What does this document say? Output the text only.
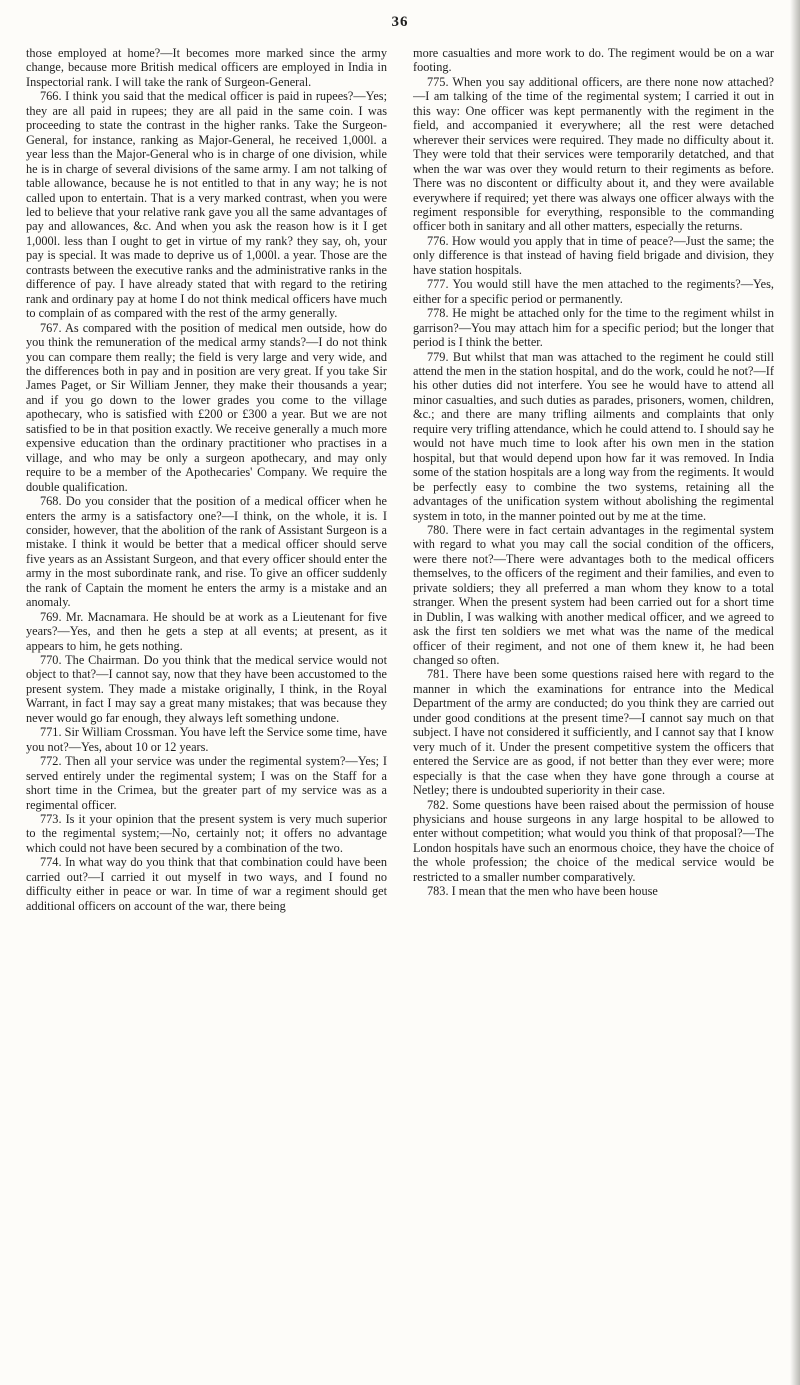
36

those employed at home?—It becomes more marked since the army change, because more British medical officers are employed in India in Inspectorial rank. I will take the rank of Surgeon-General.

766. I think you said that the medical officer is paid in rupees?—Yes; they are all paid in rupees; they are all paid in the same coin. I was proceeding to state the contrast in the higher ranks. Take the Surgeon-General, for instance, ranking as Major-General, he received 1,000l. a year less than the Major-General who is in charge of one division, while he is in charge of several divisions of the same army. I am not talking of table allowance, because he is not entitled to that in any way; he is not called upon to entertain. That is a very marked contrast, when you were led to believe that your relative rank gave you all the same advantages of pay and allowances, &c. And when you ask the reason how is it I get 1,000l. less than I ought to get in virtue of my rank? they say, oh, your pay is special. It was made to deprive us of 1,000l. a year. Those are the contrasts between the executive ranks and the administrative ranks in the difference of pay. I have already stated that with regard to the retiring rank and ordinary pay at home I do not think medical officers have much to complain of as compared with the rest of the army generally.

767. As compared with the position of medical men outside, how do you think the remuneration of the medical army stands?—I do not think you can compare them really; the field is very large and very wide, and the differences both in pay and in position are very great. If you take Sir James Paget, or Sir William Jenner, they make their thousands a year; and if you go down to the lower grades you come to the village apothecary, who is satisfied with £200 or £300 a year. But we are not satisfied to be in that position exactly. We receive generally a much more expensive education than the ordinary practitioner who practises in a village, and who may be only a surgeon apothecary, and may only require to be a member of the Apothecaries' Company. We require the double qualification.

768. Do you consider that the position of a medical officer when he enters the army is a satisfactory one?—I think, on the whole, it is. I consider, however, that the abolition of the rank of Assistant Surgeon is a mistake. I think it would be better that a medical officer should serve five years as an Assistant Surgeon, and that every officer should enter the army in the most subordinate rank, and rise. To give an officer suddenly the rank of Captain the moment he enters the army is a mistake and an anomaly.

769. Mr. Macnamara. He should be at work as a Lieutenant for five years?—Yes, and then he gets a step at all events; at present, as it appears to him, he gets nothing.

770. The Chairman. Do you think that the medical service would not object to that?—I cannot say, now that they have been accustomed to the present system. They made a mistake originally, I think, in the Royal Warrant, in fact I may say a great many mistakes; that was because they never would go far enough, they always left something undone.

771. Sir William Crossman. You have left the Service some time, have you not?—Yes, about 10 or 12 years.

772. Then all your service was under the regimental system?—Yes; I served entirely under the regimental system; I was on the Staff for a short time in the Crimea, but the greater part of my service was as a regimental officer.

773. Is it your opinion that the present system is very much superior to the regimental system;—No, certainly not; it offers no advantage which could not have been secured by a combination of the two.

774. In what way do you think that that combination could have been carried out?—I carried it out myself in two ways, and I found no difficulty either in peace or war. In time of war a regiment should get additional officers on account of the war, there being

more casualties and more work to do. The regiment would be on a war footing.

775. When you say additional officers, are there none now attached?—I am talking of the time of the regimental system; I carried it out in this way: One officer was kept permanently with the regiment in the field, and accompanied it everywhere; all the rest were detached wherever their services were required. They made no difficulty about it. They were told that their services were temporarily detatched, and that when the war was over they would return to their regiments as before. There was no discontent or difficulty about it, and they were available everywhere if required; yet there was always one officer always with the regiment responsible for everything, responsible to the commanding officer both in sanitary and all other matters, especially the returns.

776. How would you apply that in time of peace?—Just the same; the only difference is that instead of having field brigade and division, they have station hospitals.

777. You would still have the men attached to the regiments?—Yes, either for a specific period or permanently.

778. He might be attached only for the time to the regiment whilst in garrison?—You may attach him for a specific period; but the longer that period is I think the better.

779. But whilst that man was attached to the regiment he could still attend the men in the station hospital, and do the work, could he not?—If his other duties did not interfere. You see he would have to attend all minor casualties, and such duties as parades, prisoners, women, children, &c.; and there are many trifling ailments and complaints that only require very trifling attendance, which he could attend to. I should say he would not have much time to look after his own men in the station hospital, but that would depend upon how far it was removed. In India some of the station hospitals are a long way from the regiments. It would be perfectly easy to combine the two systems, retaining all the advantages of the unification system without abolishing the regimental system in toto, in the manner pointed out by me at the time.

780. There were in fact certain advantages in the regimental system with regard to what you may call the social condition of the officers, were there not?—There were advantages both to the medical officers themselves, to the officers of the regiment and their families, and even to private soldiers; they all preferred a man whom they know to a total stranger. When the present system had been carried out for a short time in Dublin, I was walking with another medical officer, and we agreed to ask the first ten soldiers we met what was the name of the medical officer of their regiment, and not one of them knew it, he had been changed so often.

781. There have been some questions raised here with regard to the manner in which the examinations for entrance into the Medical Department of the army are conducted; do you think they are carried out under good conditions at the present time?—I cannot say much on that subject. I have not considered it sufficiently, and I cannot say that I know very much of it. Under the present competitive system the officers that entered the Service are as good, if not better than they ever were; more especially is that the case when they have gone through a course at Netley; there is undoubted superiority in their case.

782. Some questions have been raised about the permission of house physicians and house surgeons in any large hospital to be allowed to enter without competition; what would you think of that proposal?—The London hospitals have such an enormous choice, they have the choice of the whole profession; the choice of the medical service would be restricted to a smaller number comparatively.

783. I mean that the men who have been house
